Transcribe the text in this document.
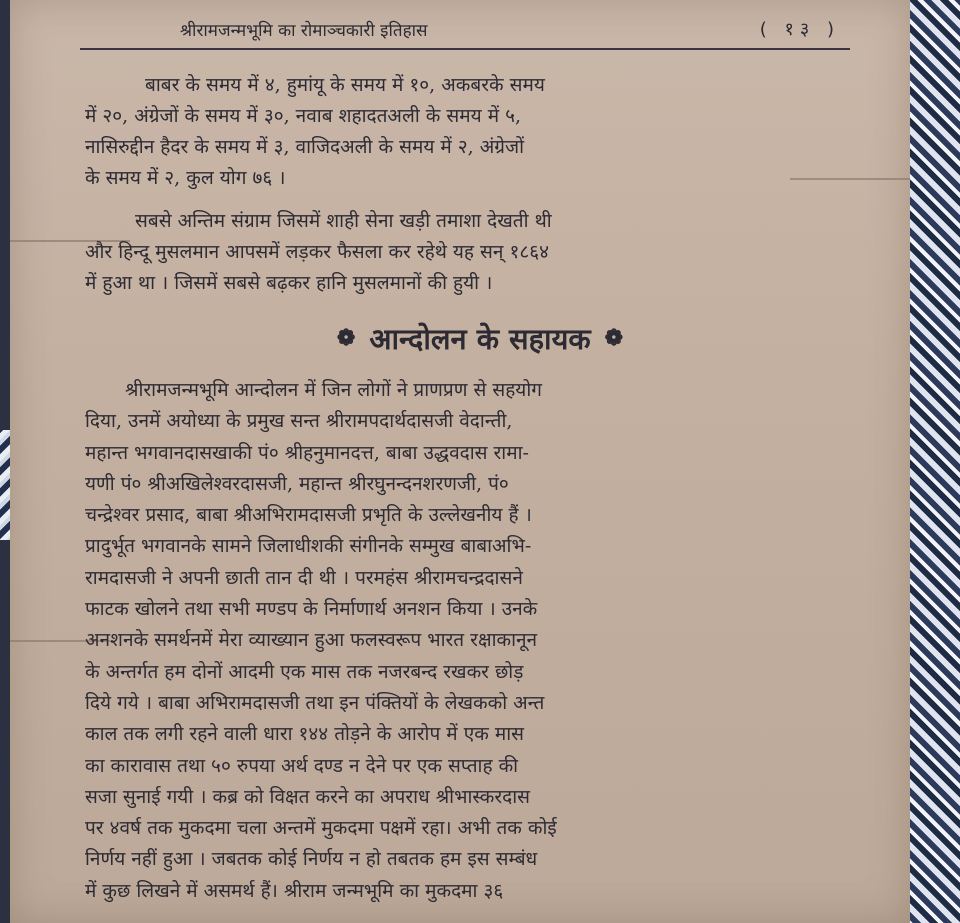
श्रीरामजन्मभूमि का रोमाञ्चकारी इतिहास	( १३ )
बाबर के समय में ४, हुमांयू के समय में १०, अकबरके समय
में २०, अंग्रेजों के समय में ३०, नवाब शहादतअली के समय में ५,
नासिरुद्दीन हैदर के समय में ३, वाजिदअली के समय में २, अंग्रेजों
के समय में २, कुल योग ७६ ।
सबसे अन्तिम संग्राम जिसमें शाही सेना खड़ी तमाशा देखती थी
और हिन्दू मुसलमान आपसमें लड़कर फैसला कर रहेथे यह सन् १८६४
में हुआ था । जिसमें सबसे बढ़कर हानि मुसलमानों की हुयी ।
❁ आन्दोलन के सहायक ❁
श्रीरामजन्मभूमि आन्दोलन में जिन लोगों ने प्राणप्रण से सहयोग
दिया, उनमें अयोध्या के प्रमुख सन्त श्रीरामपदार्थदासजी वेदान्ती,
महान्त भगवानदासखाकी पं० श्रीहनुमानदत्त, बाबा उद्धवदास रामा-
यणी पं० श्रीअखिलेश्वरदासजी, महान्त श्रीरघुनन्दनशरणजी, पं०
चन्द्रेश्वर प्रसाद, बाबा श्रीअभिरामदासजी प्रभृति के उल्लेखनीय हैं ।
प्रादुर्भूत भगवानके सामने जिलाधीशकी संगीनके सम्मुख बाबाअभि-
रामदासजी ने अपनी छाती तान दी थी । परमहंस श्रीरामचन्द्रदासने
फाटक खोलने तथा सभी मण्डप के निर्माणार्थ अनशन किया । उनके
अनशनके समर्थनमें मेरा व्याख्यान हुआ फलस्वरूप भारत रक्षाकानून
के अन्तर्गत हम दोनों आदमी एक मास तक नजरबन्द रखकर छोड़
दिये गये । बाबा अभिरामदासजी तथा इन पंक्तियों के लेखकको अन्त
काल तक लगी रहने वाली धारा १४४ तोड़ने के आरोप में एक मास
का कारावास तथा ५० रुपया अर्थ दण्ड न देने पर एक सप्ताह की
सजा सुनाई गयी । कब्र को विक्षत करने का अपराध श्रीभास्करदास
पर ४वर्ष तक मुकदमा चला अन्तमें मुकदमा पक्षमें रहा। अभी तक कोई
निर्णय नहीं हुआ । जबतक कोई निर्णय न हो तबतक हम इस सम्बंध
में कुछ लिखने में असमर्थ हैं। श्रीराम जन्मभूमि का मुकदमा ३६
